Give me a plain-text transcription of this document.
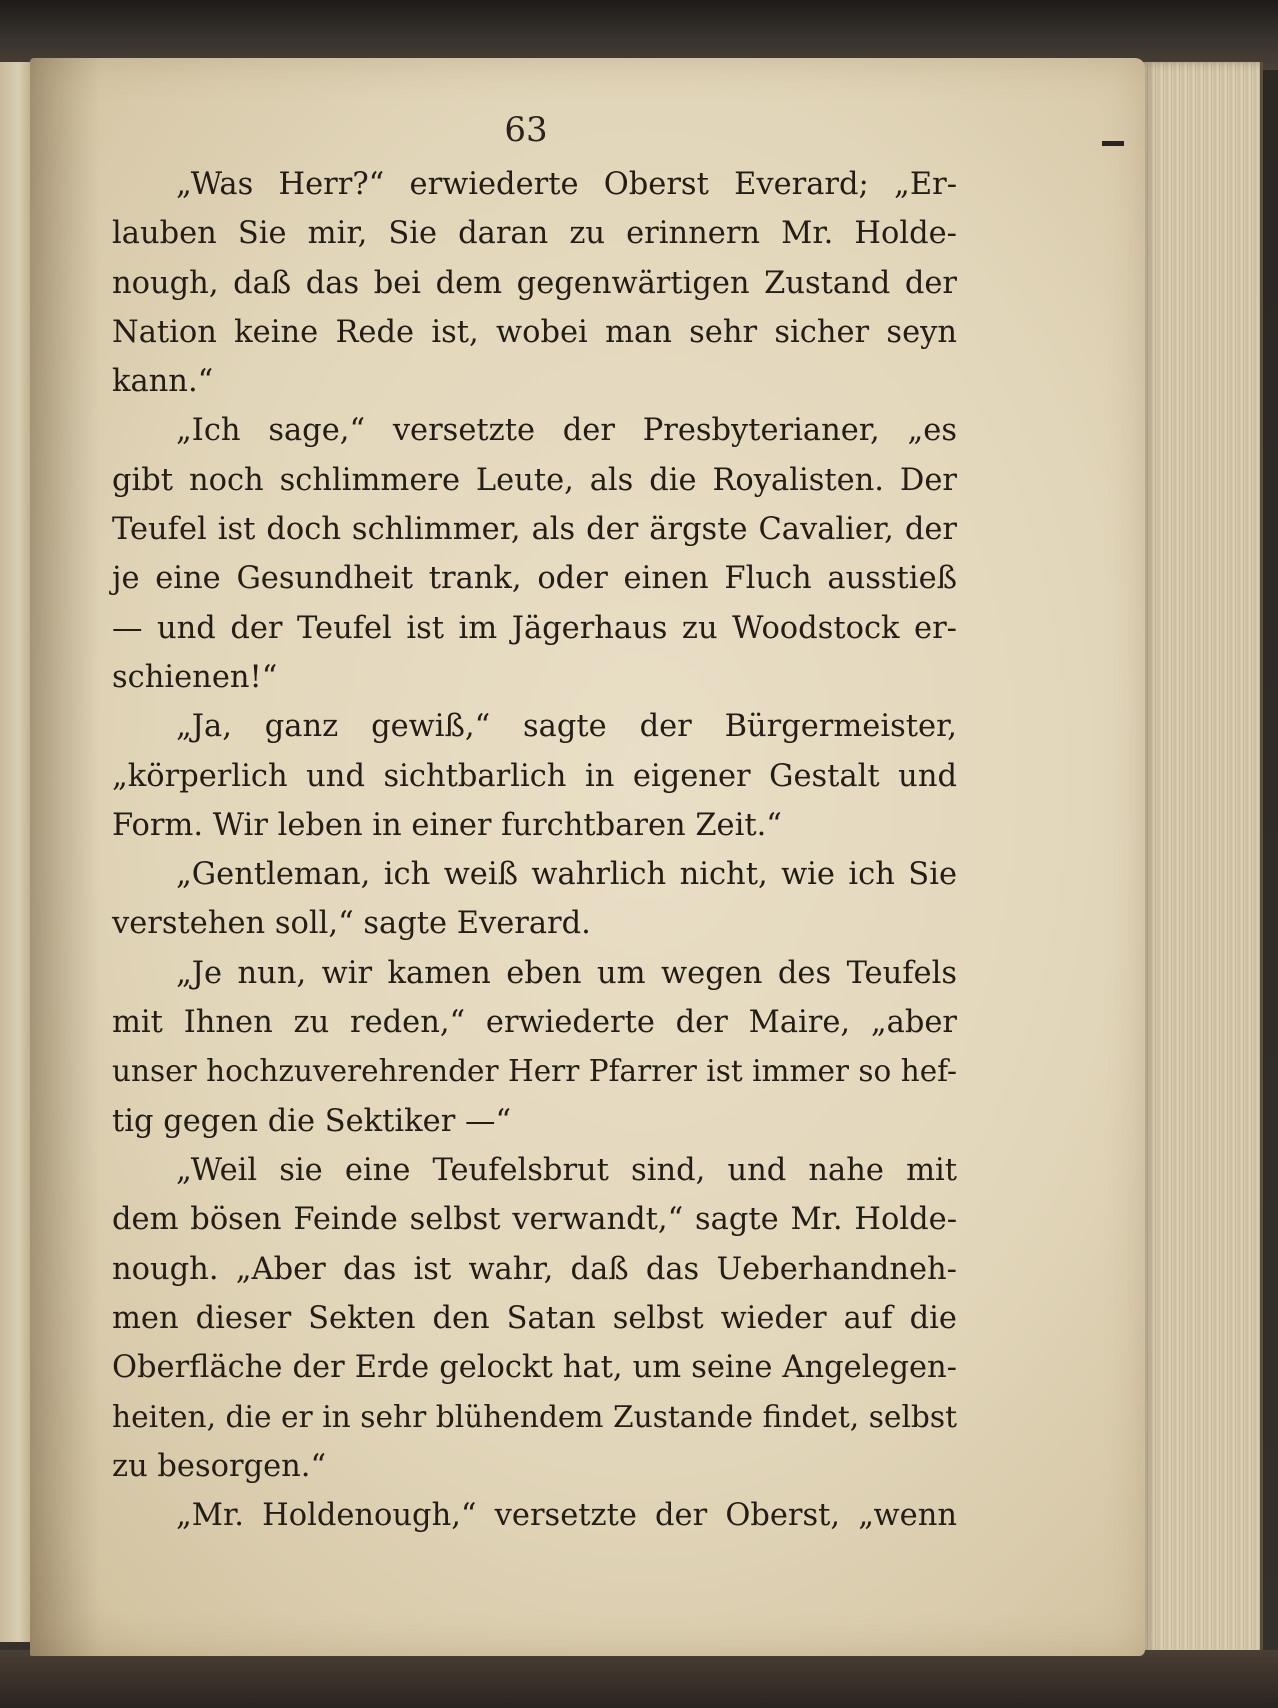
63
„Was Herr?“ erwiederte Oberst Everard; „Er-
lauben Sie mir, Sie daran zu erinnern Mr. Holde-
nough, daß das bei dem gegenwärtigen Zustand der
Nation keine Rede ist, wobei man sehr sicher seyn
kann.“
„Ich sage,“ versetzte der Presbyterianer, „es
gibt noch schlimmere Leute, als die Royalisten. Der
Teufel ist doch schlimmer, als der ärgste Cavalier, der
je eine Gesundheit trank, oder einen Fluch ausstieß
— und der Teufel ist im Jägerhaus zu Woodstock er-
schienen!“
„Ja, ganz gewiß,“ sagte der Bürgermeister,
„körperlich und sichtbarlich in eigener Gestalt und
Form. Wir leben in einer furchtbaren Zeit.“
„Gentleman, ich weiß wahrlich nicht, wie ich Sie
verstehen soll,“ sagte Everard.
„Je nun, wir kamen eben um wegen des Teufels
mit Ihnen zu reden,“ erwiederte der Maire, „aber
unser hochzuverehrender Herr Pfarrer ist immer so hef-
tig gegen die Sektiker —“
„Weil sie eine Teufelsbrut sind, und nahe mit
dem bösen Feinde selbst verwandt,“ sagte Mr. Holde-
nough. „Aber das ist wahr, daß das Ueberhandneh-
men dieser Sekten den Satan selbst wieder auf die
Oberfläche der Erde gelockt hat, um seine Angelegen-
heiten, die er in sehr blühendem Zustande findet, selbst
zu besorgen.“
„Mr. Holdenough,“ versetzte der Oberst, „wenn
